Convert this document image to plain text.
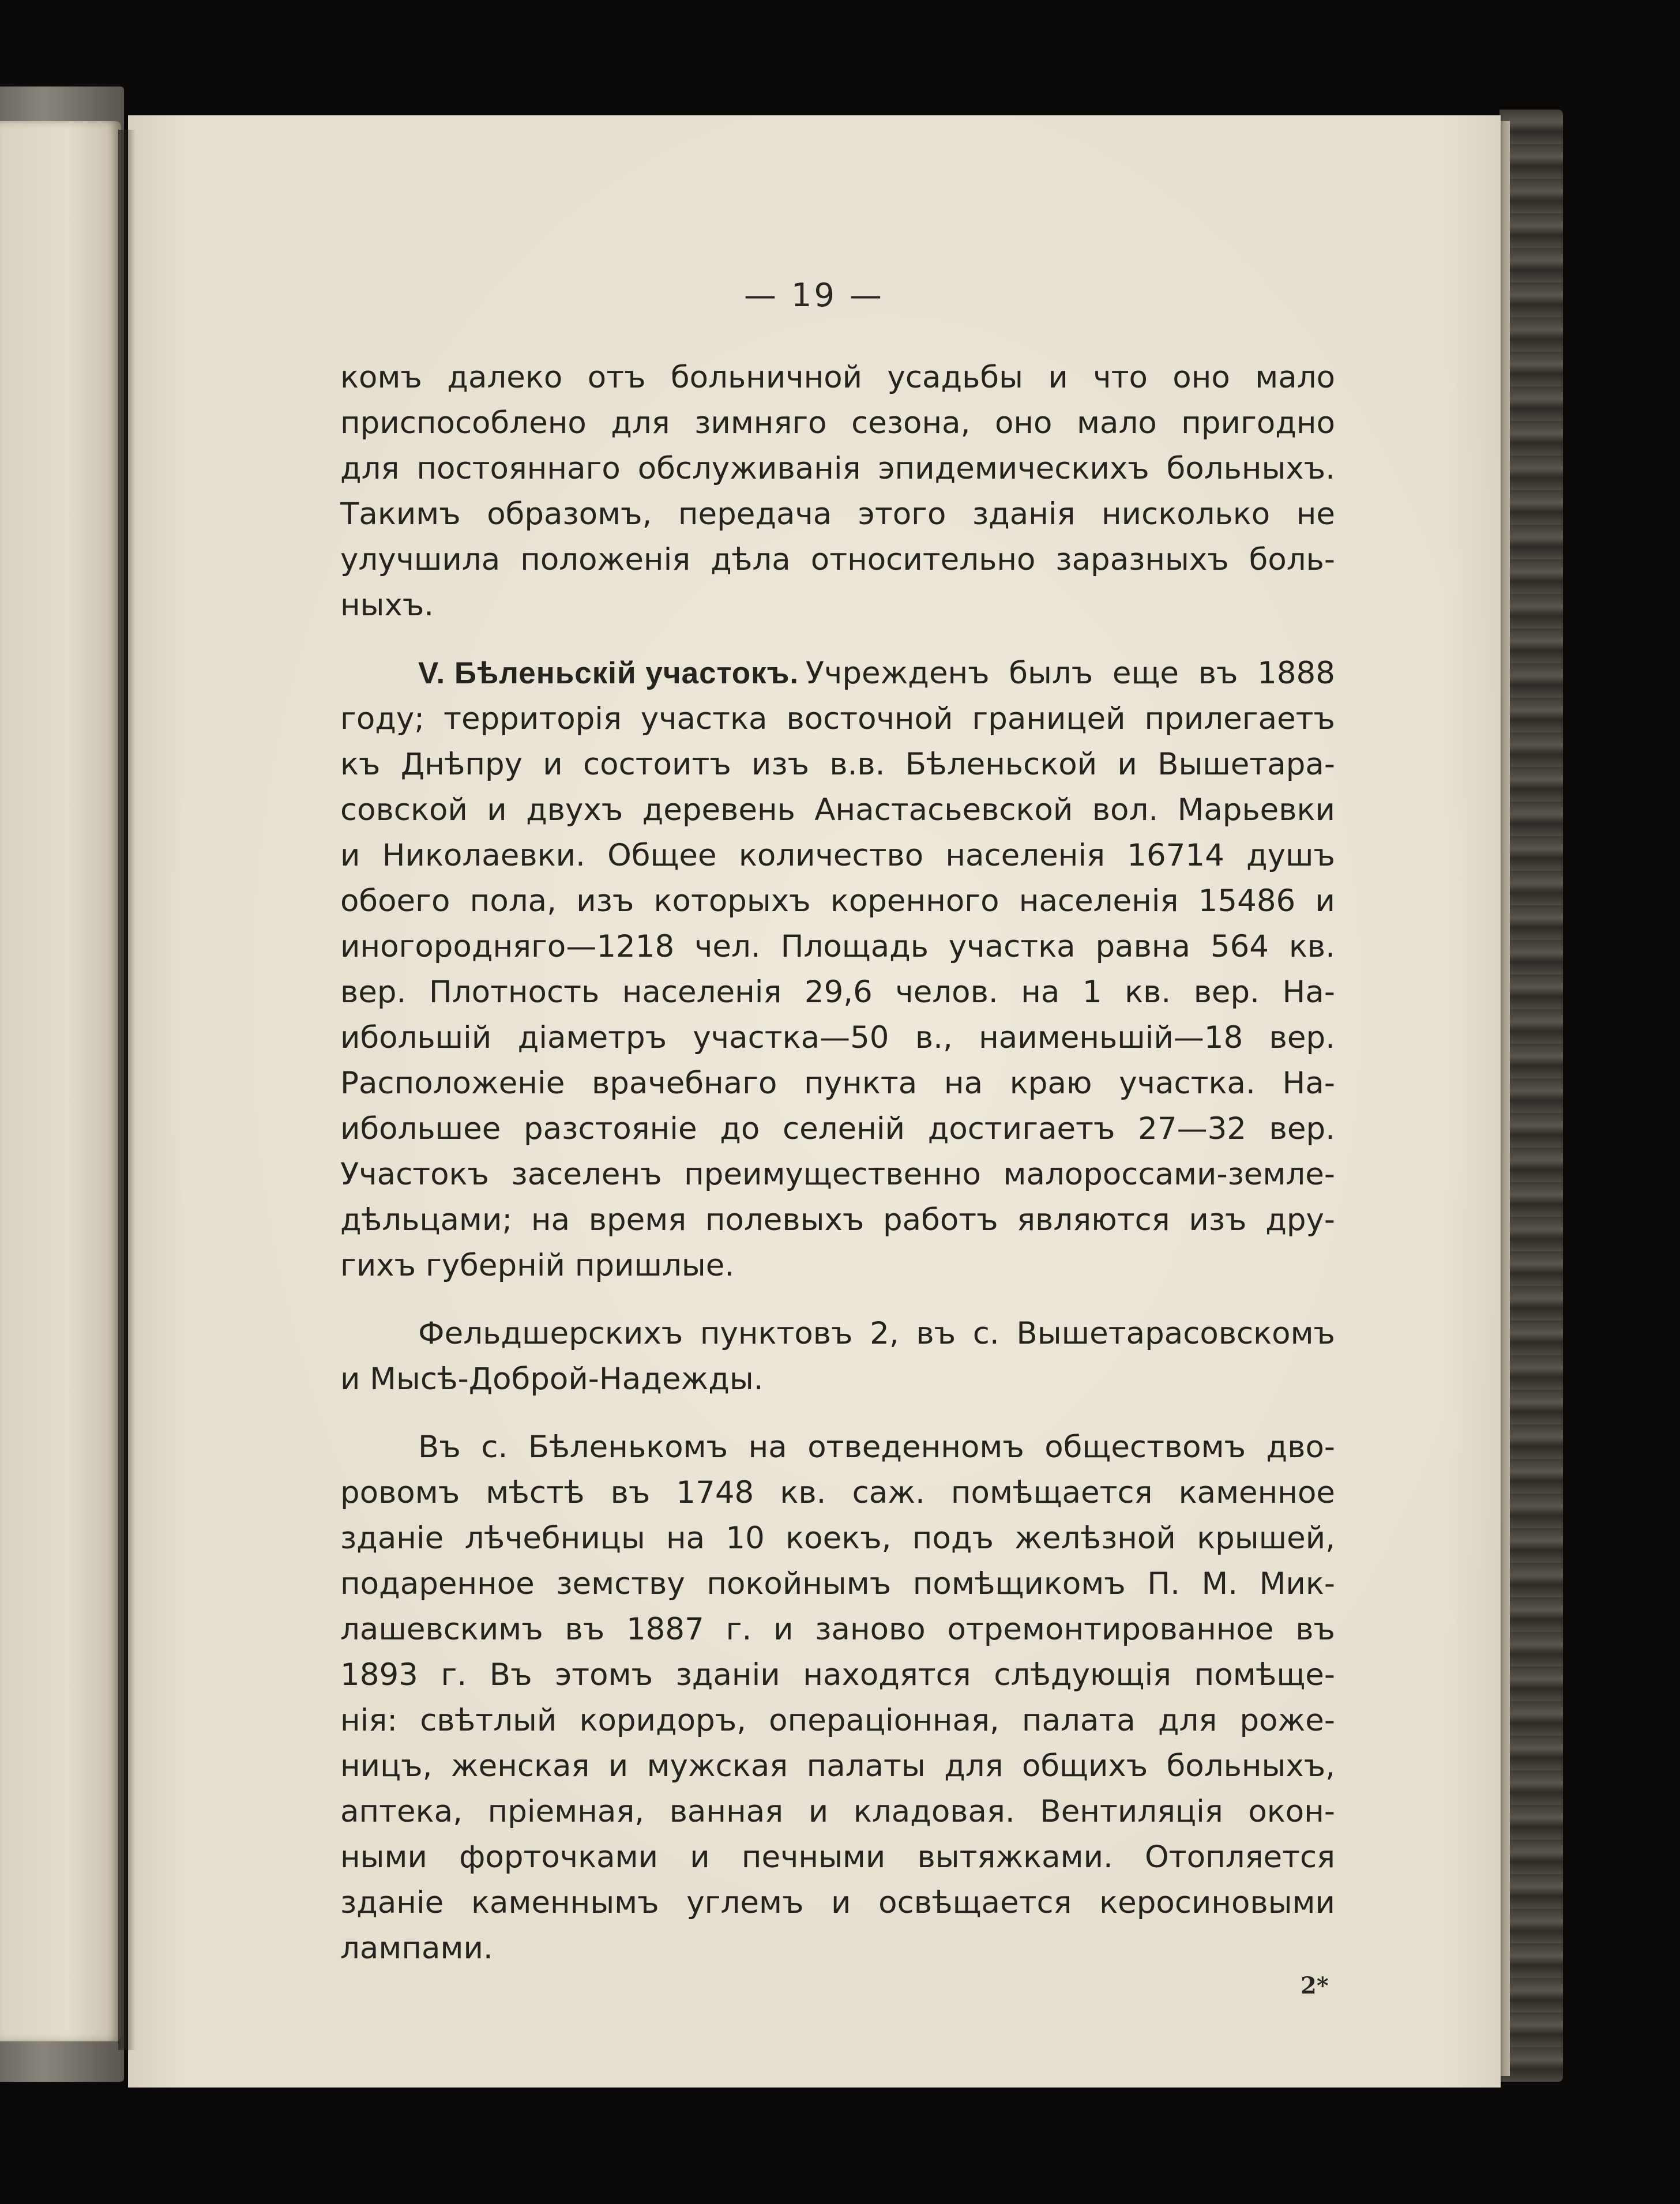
— 19 —
комъ далеко отъ больничной усадьбы и что оно мало
приспособлено для зимняго сезона, оно мало пригодно
для постояннаго обслуживанія эпидемическихъ больныхъ.
Такимъ образомъ, передача этого зданія нисколько не
улучшила положенія дѣла относительно заразныхъ боль-
ныхъ.
V. Бѣленьскій участокъ. Учрежденъ  былъ  еще  въ  1888
году; территорія участка восточной границей прилегаетъ
къ Днѣпру и состоитъ изъ в.в. Бѣленьской и Вышетара-
совской и двухъ деревень Анастасьевской вол. Марьевки
и Николаевки. Общее количество населенія 16714 душъ
обоего пола, изъ которыхъ коренного населенія 15486 и
иногородняго—1218 чел. Площадь участка равна 564 кв.
вер. Плотность населенія 29,6 челов. на 1 кв. вер. На-
ибольшій діаметръ участка—50 в., наименьшій—18 вер.
Расположеніе врачебнаго пункта на краю участка. На-
ибольшее разстояніе до селеній достигаетъ 27—32 вер.
Участокъ заселенъ преимущественно малороссами-земле-
дѣльцами; на время полевыхъ работъ являются изъ дру-
гихъ губерній пришлые.
Фельдшерскихъ пунктовъ 2, въ с. Вышетарасовскомъ
и Мысѣ-Доброй-Надежды.
Въ с. Бѣленькомъ на отведенномъ обществомъ дво-
ровомъ мѣстѣ въ 1748 кв. саж. помѣщается каменное
зданіе лѣчебницы на 10 коекъ, подъ желѣзной крышей,
подаренное земству покойнымъ помѣщикомъ П. М. Мик-
лашевскимъ въ 1887 г. и заново отремонтированное въ
1893 г. Въ этомъ зданіи находятся слѣдующія помѣще-
нія: свѣтлый коридоръ, операціонная, палата для роже-
ницъ, женская и мужская палаты для общихъ больныхъ,
аптека, пріемная, ванная и кладовая. Вентиляція окон-
ными форточками и печными вытяжками. Отопляется
зданіе каменнымъ углемъ и освѣщается керосиновыми
лампами.
2*
